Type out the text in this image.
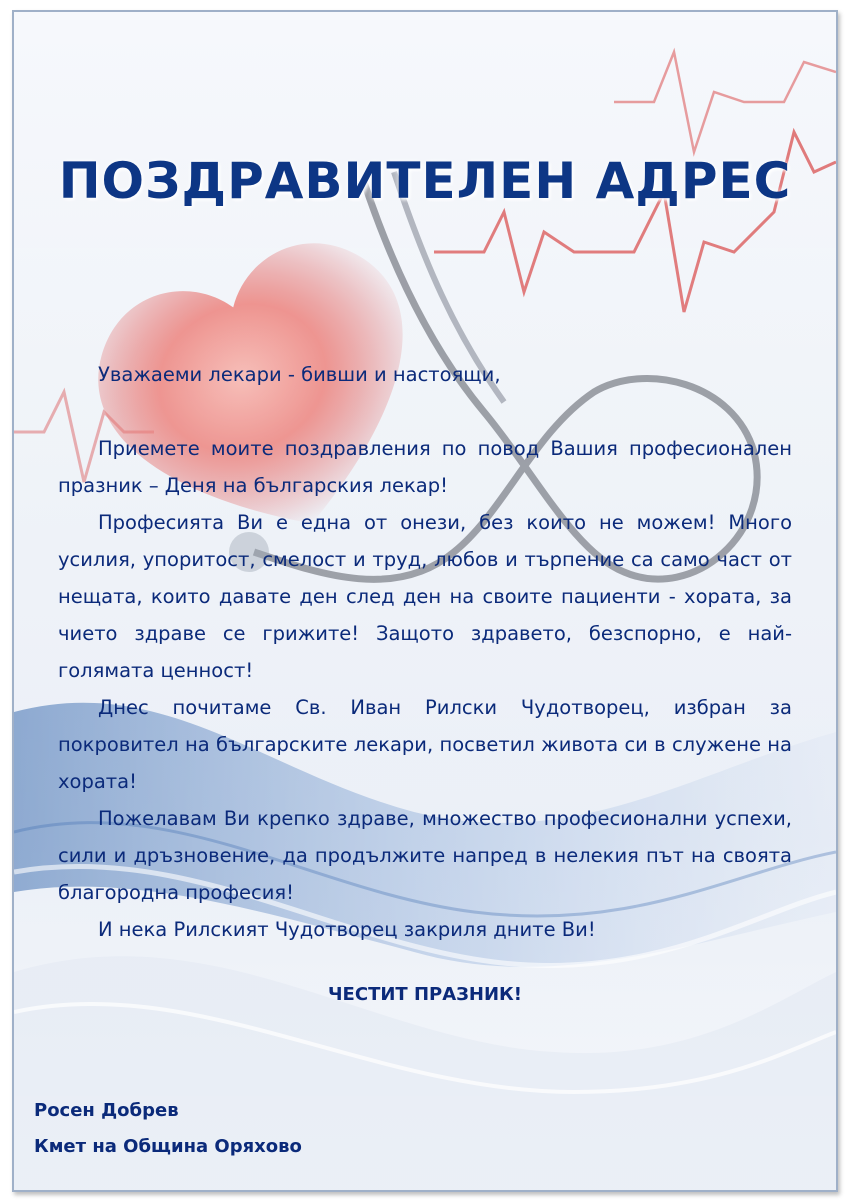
ПОЗДРАВИТЕЛЕН АДРЕС

Уважаеми лекари - бивши и настоящи,

Приемете моите поздравления по повод Вашия професионален празник – Деня на българския лекар!

Професията Ви е една от онези, без които не можем! Много усилия, упоритост, смелост и труд, любов и търпение са само част от нещата, които давате ден след ден на своите пациенти - хората, за чието здраве се грижите! Защото здравето, безспорно, е най-голямата ценност!

Днес почитаме Св. Иван Рилски Чудотворец, избран за покровител на българските лекари, посветил живота си в служене на хората!

Пожелавам Ви крепко здраве, множество професионални успехи, сили и дръзновение, да продължите напред в нелекия път на своята благородна професия!

И нека Рилският Чудотворец закриля дните Ви!

ЧЕСТИТ ПРАЗНИК!
Росен Добрев
Кмет на Община Оряхово
